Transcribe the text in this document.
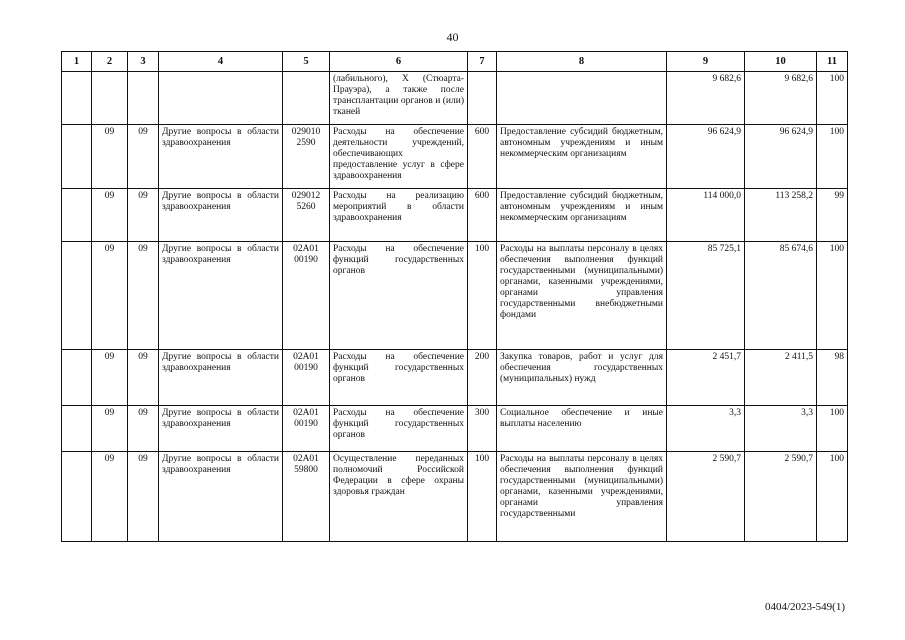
40
1	2	3	4	5	6	7	8	9	10	11
					(лабильного), X (Стюарта-Прауэра), а также после трансплантации органов и (или) тканей			9 682,6	9 682,6	100
	09	09	Другие вопросы в области здравоохранения	029010 2590	Расходы на обеспечение деятельности учреждений, обеспечивающих предоставление услуг в сфере здравоохранения	600	Предоставление субсидий бюджетным, автономным учреждениям и иным некоммерческим организациям	96 624,9	96 624,9	100
	09	09	Другие вопросы в области здравоохранения	029012 5260	Расходы на реализацию мероприятий в области здравоохранения	600	Предоставление субсидий бюджетным, автономным учреждениям и иным некоммерческим организациям	114 000,0	113 258,2	99
	09	09	Другие вопросы в области здравоохранения	02А01 00190	Расходы на обеспечение функций государственных органов	100	Расходы на выплаты персоналу в целях обеспечения выполнения функций государственными (муниципальными) органами, казенными учреждениями, органами управления государственными внебюджетными фондами	85 725,1	85 674,6	100
	09	09	Другие вопросы в области здравоохранения	02А01 00190	Расходы на обеспечение функций государственных органов	200	Закупка товаров, работ и услуг для обеспечения государственных (муниципальных) нужд	2 451,7	2 411,5	98
	09	09	Другие вопросы в области здравоохранения	02А01 00190	Расходы на обеспечение функций государственных органов	300	Социальное обеспечение и иные выплаты населению	3,3	3,3	100
	09	09	Другие вопросы в области здравоохранения	02А01 59800	Осуществление переданных полномочий Российской Федерации в сфере охраны здоровья граждан	100	Расходы на выплаты персоналу в целях обеспечения выполнения функций государственными (муниципальными) органами, казенными учреждениями, органами управления государственными	2 590,7	2 590,7	100
0404/2023-549(1)
